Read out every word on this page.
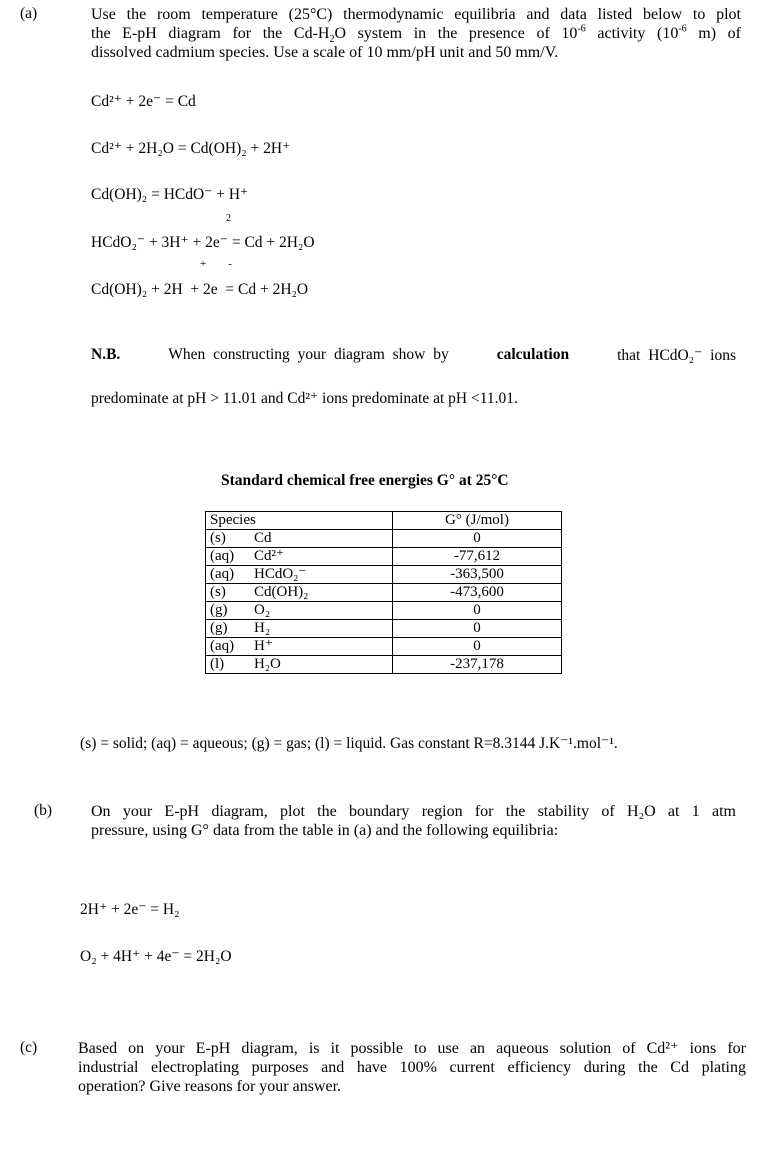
(a)	Use the room temperature (25°C) thermodynamic equilibria and data listed below to plot
the E-pH diagram for the $Cd-H_2O$ system in the presence of $10^{-6}$ activity ($10^{-6}$ m) of
dissolved cadmium species. Use a scale of 10 mm/pH unit and 50 mm/V.
Cd²⁺ + 2e⁻ = Cd
Cd²⁺ + 2H₂O = Cd(OH)₂ + 2H⁺
Cd(OH)₂ = HCdO⁻ + H⁺
2
HCdO₂⁻ + 3H⁺ + 2e⁻ = Cd + 2H₂O
+        -
Cd(OH)₂ + 2H  + 2e  = Cd + 2H₂O
N.B.	When constructing your diagram show by	calculation	that HCdO₂⁻ ions
predominate at pH > 11.01 and Cd²⁺ ions predominate at pH <11.01.
Standard chemical free energies G° at 25°C
Species	G° (J/mol)
(s) Cd	0
(aq) Cd²⁺	-77,612
(aq) HCdO₂⁻	-363,500
(s) Cd(OH)₂	-473,600
(g) O₂	0
(g) H₂	0
(aq) H⁺	0
(l) H₂O	-237,178
(s) = solid; (aq) = aqueous; (g) = gas; (l) = liquid. Gas constant R=8.3144 J.K⁻¹.mol⁻¹.
(b) On your E-pH diagram, plot the boundary region for the stability of H₂O at 1 atm
pressure, using G° data from the table in (a) and the following equilibria:
2H⁺ + 2e⁻ = H₂
O₂ + 4H⁺ + 4e⁻ = 2H₂O
(c)	Based on your E-pH diagram, is it possible to use an aqueous solution of Cd²⁺ ions for
industrial electroplating purposes and have 100% current efficiency during the Cd plating
operation? Give reasons for your answer.
